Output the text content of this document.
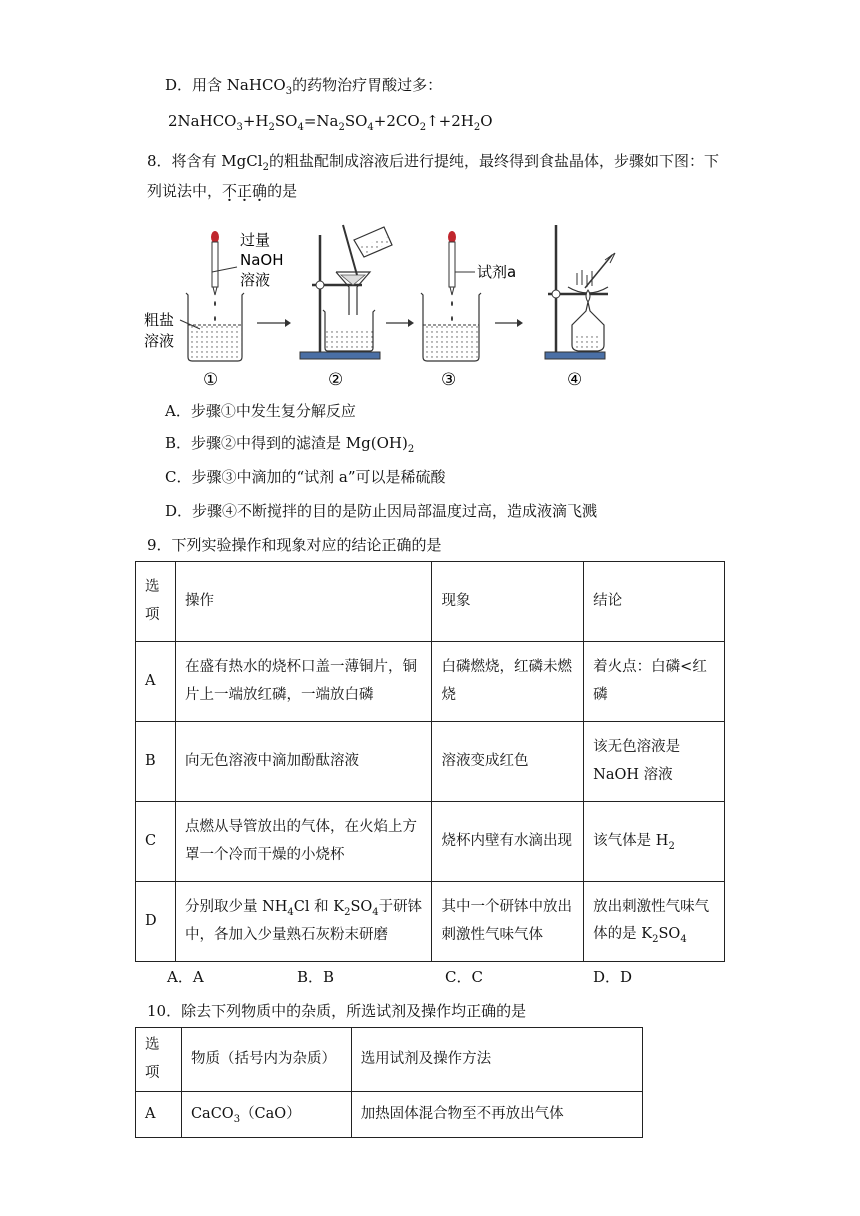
D．用含 NaHCO$_3$的药物治疗胃酸过多：
$2NaHCO_3+H_2SO_4=Na_2SO_4+2CO_2↑+2H_2O$
8．将含有 MgCl$_2$的粗盐配制成溶液后进行提纯，最终得到食盐晶体，步骤如下图：下
列说法中，不正确的是
过量
NaOH
溶液
粗盐
溶液
试剂a
①	②	③	④
A．步骤①中发生复分解反应
B．步骤②中得到的滤渣是 $Mg(OH)_2$
C．步骤③中滴加的“试剂 a”可以是稀硫酸
D．步骤④不断搅拌的目的是防止因局部温度过高，造成液滴飞溅
9．下列实验操作和现象对应的结论正确的是
选
项	操作	现象	结论
A	在盛有热水的烧杯口盖一薄铜片，铜片上一端放红磷，一端放白磷	白磷燃烧，红磷未燃烧	着火点：白磷<红磷
B	向无色溶液中滴加酚酞溶液	溶液变成红色	该无色溶液是 NaOH 溶液
C	点燃从导管放出的气体，在火焰上方罩一个冷而干燥的小烧杯	烧杯内壁有水滴出现	该气体是 $H_2$
D	分别取少量 $NH_4Cl$ 和 $K_2SO_4$于研钵中，各加入少量熟石灰粉末研磨	其中一个研钵中放出刺激性气味气体	放出刺激性气味气体的是 $K_2SO_4$
A．A	B．B	C．C	D．D
10．除去下列物质中的杂质，所选试剂及操作均正确的是
选项	物质（括号内为杂质）	选用试剂及操作方法
A	CaCO$_3$（CaO）	加热固体混合物至不再放出气体
